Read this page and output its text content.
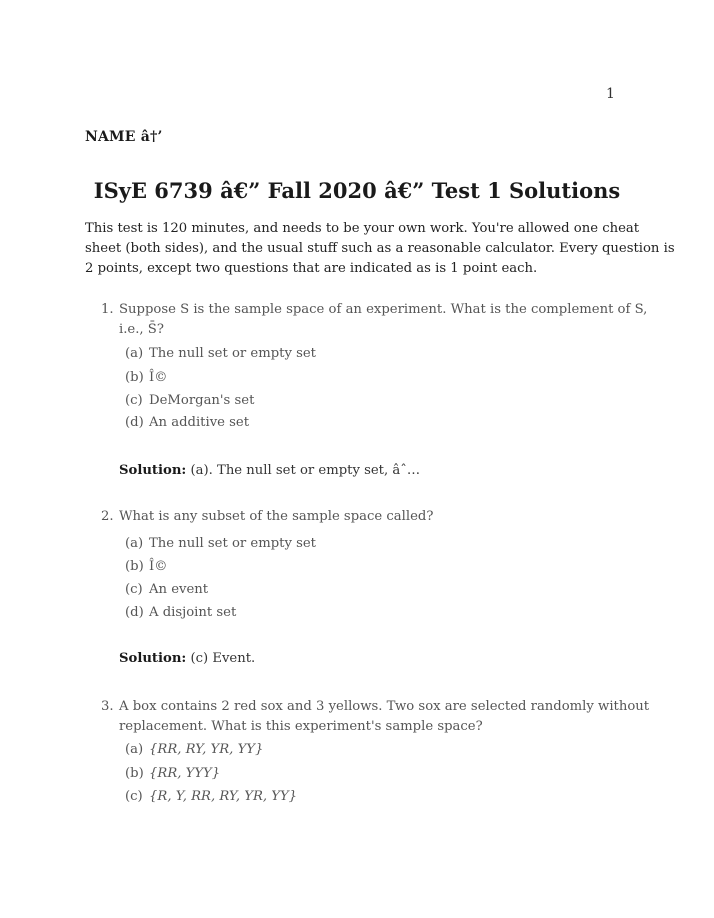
1
NAME â†’
ISyE 6739 â€” Fall 2020 â€” Test 1 Solutions
This test is 120 minutes, and needs to be your own work. You're allowed one cheat
sheet (both sides), and the usual stuff such as a reasonable calculator. Every question is
2 points, except two questions that are indicated as is 1 point each.
1. Suppose S is the sample space of an experiment. What is the complement of S,
i.e., S̄?
(a) The null set or empty set
(b) Î©
(c) DeMorgan's set
(d) An additive set
Solution: (a). The null set or empty set, âˆ…
2. What is any subset of the sample space called?
(a) The null set or empty set
(b) Î©
(c) An event
(d) A disjoint set
Solution: (c) Event.
3. A box contains 2 red sox and 3 yellows. Two sox are selected randomly without
replacement. What is this experiment's sample space?
(a) {RR, RY, YR, YY}
(b) {RR, YYY}
(c) {R, Y, RR, RY, YR, YY}
